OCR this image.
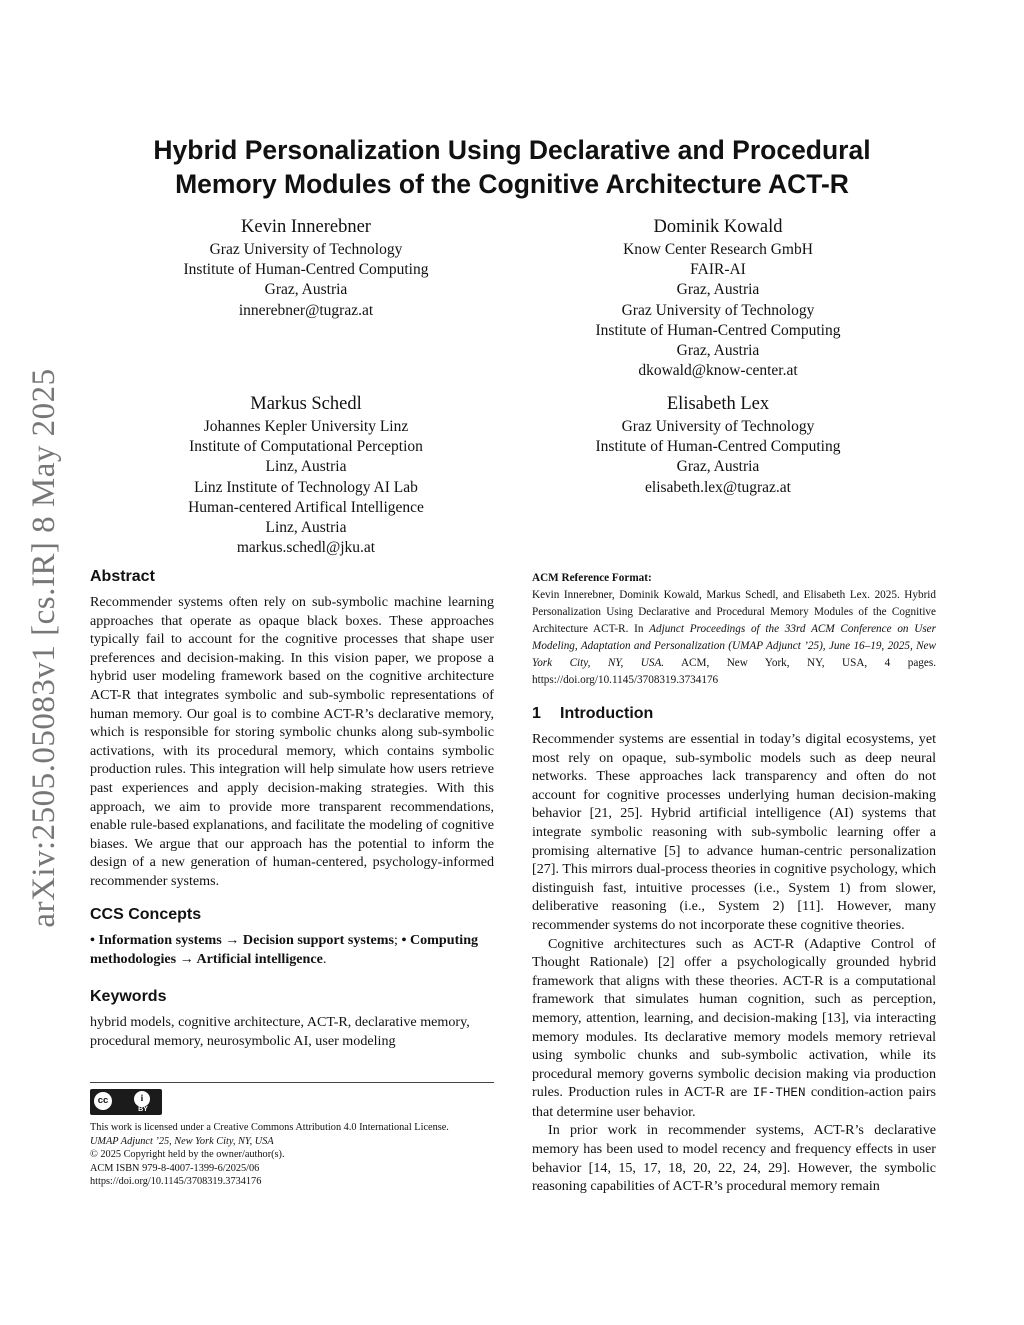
arXiv:2505.05083v1 [cs.IR] 8 May 2025
Hybrid Personalization Using Declarative and Procedural
Memory Modules of the Cognitive Architecture ACT-R
Kevin Innerebner
Graz University of Technology
Institute of Human-Centred Computing
Graz, Austria
innerebner@tugraz.at
Dominik Kowald
Know Center Research GmbH
FAIR-AI
Graz, Austria
Graz University of Technology
Institute of Human-Centred Computing
Graz, Austria
dkowald@know-center.at
Markus Schedl
Johannes Kepler University Linz
Institute of Computational Perception
Linz, Austria
Linz Institute of Technology AI Lab
Human-centered Artifical Intelligence
Linz, Austria
markus.schedl@jku.at
Elisabeth Lex
Graz University of Technology
Institute of Human-Centred Computing
Graz, Austria
elisabeth.lex@tugraz.at
Abstract

Recommender systems often rely on sub-symbolic machine learning approaches that operate as opaque black boxes. These approaches typically fail to account for the cognitive processes that shape user preferences and decision-making. In this vision paper, we propose a hybrid user modeling framework based on the cognitive architecture ACT-R that integrates symbolic and sub-symbolic representations of human memory. Our goal is to combine ACT-R’s declarative memory, which is responsible for storing symbolic chunks along sub-symbolic activations, with its procedural memory, which contains symbolic production rules. This integration will help simulate how users retrieve past experiences and apply decision-making strategies. With this approach, we aim to provide more transparent recommendations, enable rule-based explanations, and facilitate the modeling of cognitive biases. We argue that our approach has the potential to inform the design of a new generation of human-centered, psychology-informed recommender systems.

CCS Concepts

• Information systems → Decision support systems; • Computing methodologies → Artificial intelligence.

Keywords

hybrid models, cognitive architecture, ACT-R, declarative memory, procedural memory, neurosymbolic AI, user modeling

cc	i
BY
This work is licensed under a Creative Commons Attribution 4.0 International License.
UMAP Adjunct ’25, New York City, NY, USA
© 2025 Copyright held by the owner/author(s).
ACM ISBN 979-8-4007-1399-6/2025/06
https://doi.org/10.1145/3708319.3734176
ACM Reference Format:

Kevin Innerebner, Dominik Kowald, Markus Schedl, and Elisabeth Lex. 2025. Hybrid Personalization Using Declarative and Procedural Memory Modules of the Cognitive Architecture ACT-R. In Adjunct Proceedings of the 33rd ACM Conference on User Modeling, Adaptation and Personalization (UMAP Adjunct ’25), June 16–19, 2025, New York City, NY, USA. ACM, New York, NY, USA, 4 pages. https://doi.org/10.1145/3708319.3734176

1 Introduction

Recommender systems are essential in today’s digital ecosystems, yet most rely on opaque, sub-symbolic models such as deep neural networks. These approaches lack transparency and often do not account for cognitive processes underlying human decision-making behavior [21, 25]. Hybrid artificial intelligence (AI) systems that integrate symbolic reasoning with sub-symbolic learning offer a promising alternative [5] to advance human-centric personalization [27]. This mirrors dual-process theories in cognitive psychology, which distinguish fast, intuitive processes (i.e., System 1) from slower, deliberative reasoning (i.e., System 2) [11]. However, many recommender systems do not incorporate these cognitive theories.

Cognitive architectures such as ACT-R (Adaptive Control of Thought Rationale) [2] offer a psychologically grounded hybrid framework that aligns with these theories. ACT-R is a computational framework that simulates human cognition, such as perception, memory, attention, learning, and decision-making [13], via interacting memory modules. Its declarative memory models memory retrieval using symbolic chunks and sub-symbolic activation, while its procedural memory governs symbolic decision making via production rules. Production rules in ACT-R are IF-THEN condition-action pairs that determine user behavior.

In prior work in recommender systems, ACT-R’s declarative memory has been used to model recency and frequency effects in user behavior [14, 15, 17, 18, 20, 22, 24, 29]. However, the symbolic reasoning capabilities of ACT-R’s procedural memory remain
